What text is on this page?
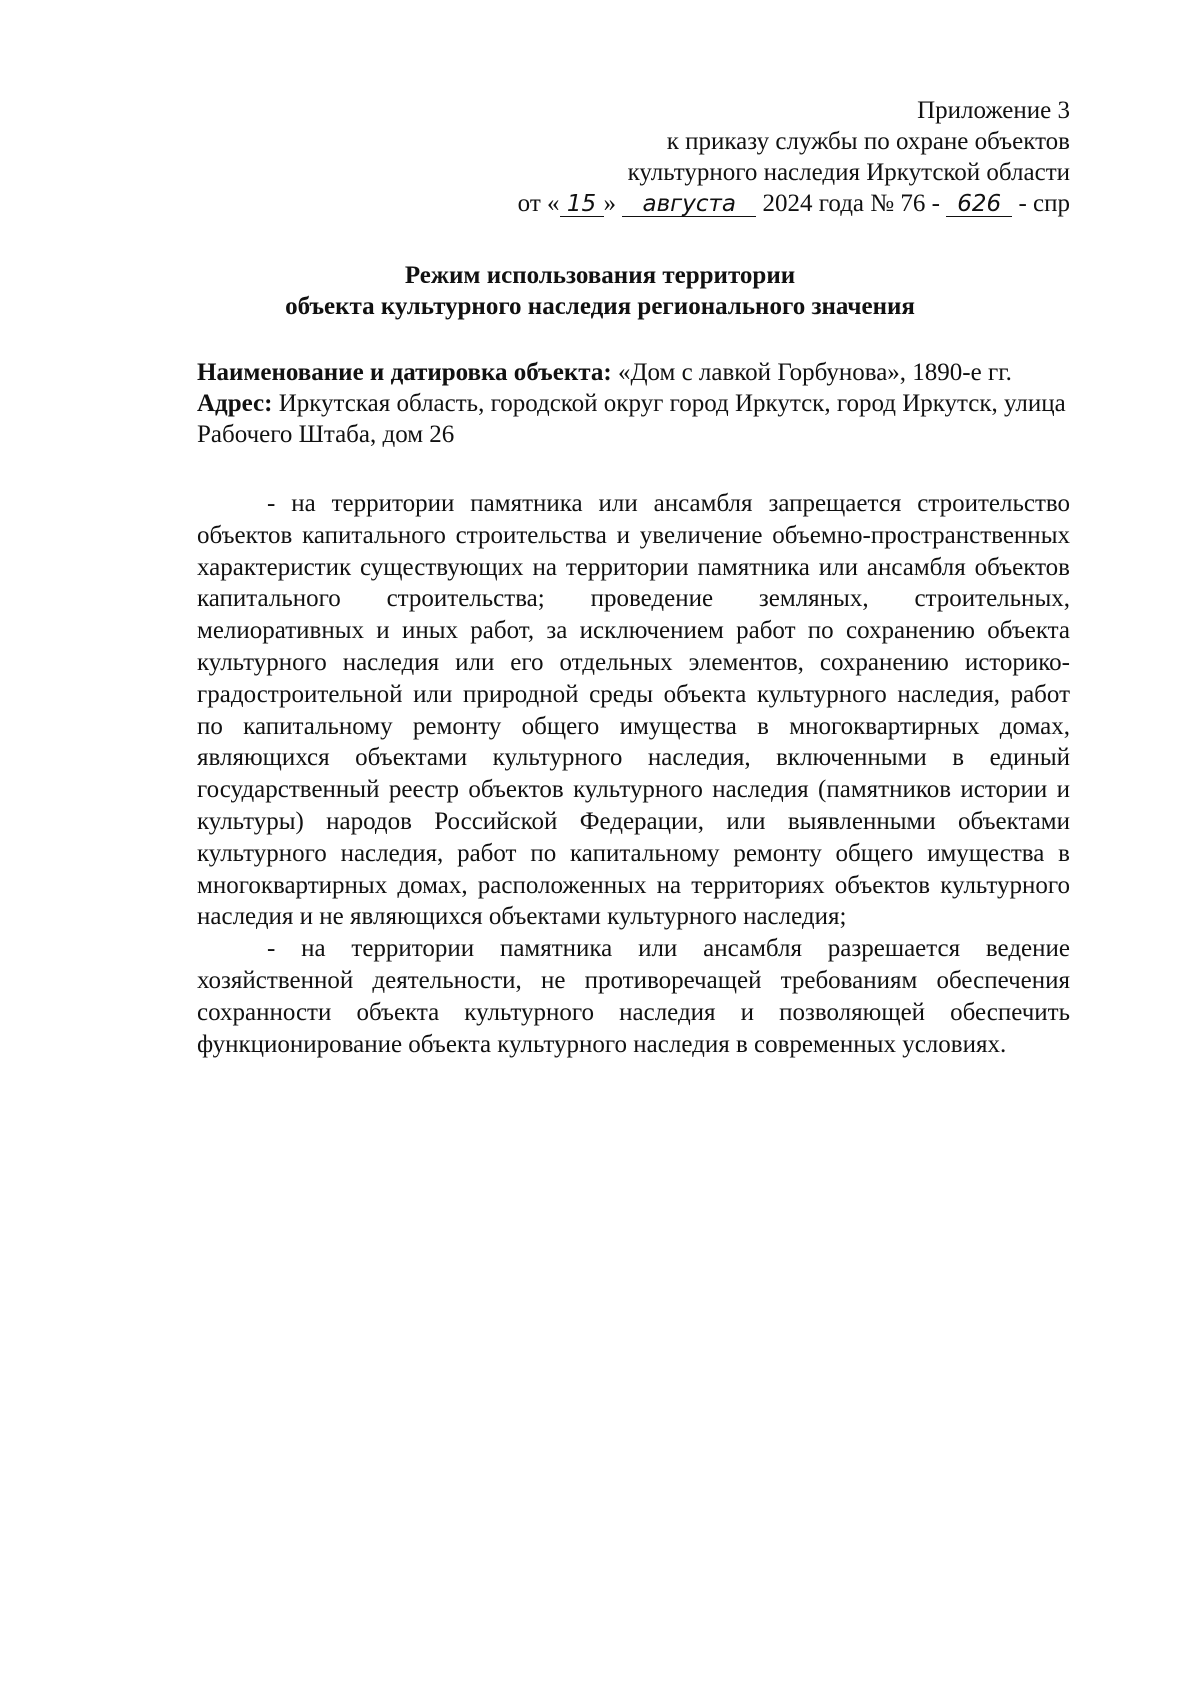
Приложение 3
к приказу службы по охране объектов
культурного наследия Иркутской области
от « 15 » августа 2024 года № 76 - 626 - спр
Режим использования территории
объекта культурного наследия регионального значения

Наименование и датировка объекта: «Дом с лавкой Горбунова», 1890-е гг.

Адрес: Иркутская область, городской округ город Иркутск, город Иркутск, улица Рабочего Штаба, дом 26

- на территории памятника или ансамбля запрещается строительство объектов капитального строительства и увеличение объемно-пространственных характеристик существующих на территории памятника или ансамбля объектов капитального строительства; проведение земляных, строительных, мелиоративных и иных работ, за исключением работ по сохранению объекта культурного наследия или его отдельных элементов, сохранению историко-градостроительной или природной среды объекта культурного наследия, работ по капитальному ремонту общего имущества в многоквартирных домах, являющихся объектами культурного наследия, включенными в единый государственный реестр объектов культурного наследия (памятников истории и культуры) народов Российской Федерации, или выявленными объектами культурного наследия, работ по капитальному ремонту общего имущества в многоквартирных домах, расположенных на территориях объектов культурного наследия и не являющихся объектами культурного наследия;

- на территории памятника или ансамбля разрешается ведение хозяйственной деятельности, не противоречащей требованиям обеспечения сохранности объекта культурного наследия и позволяющей обеспечить функционирование объекта культурного наследия в современных условиях.
